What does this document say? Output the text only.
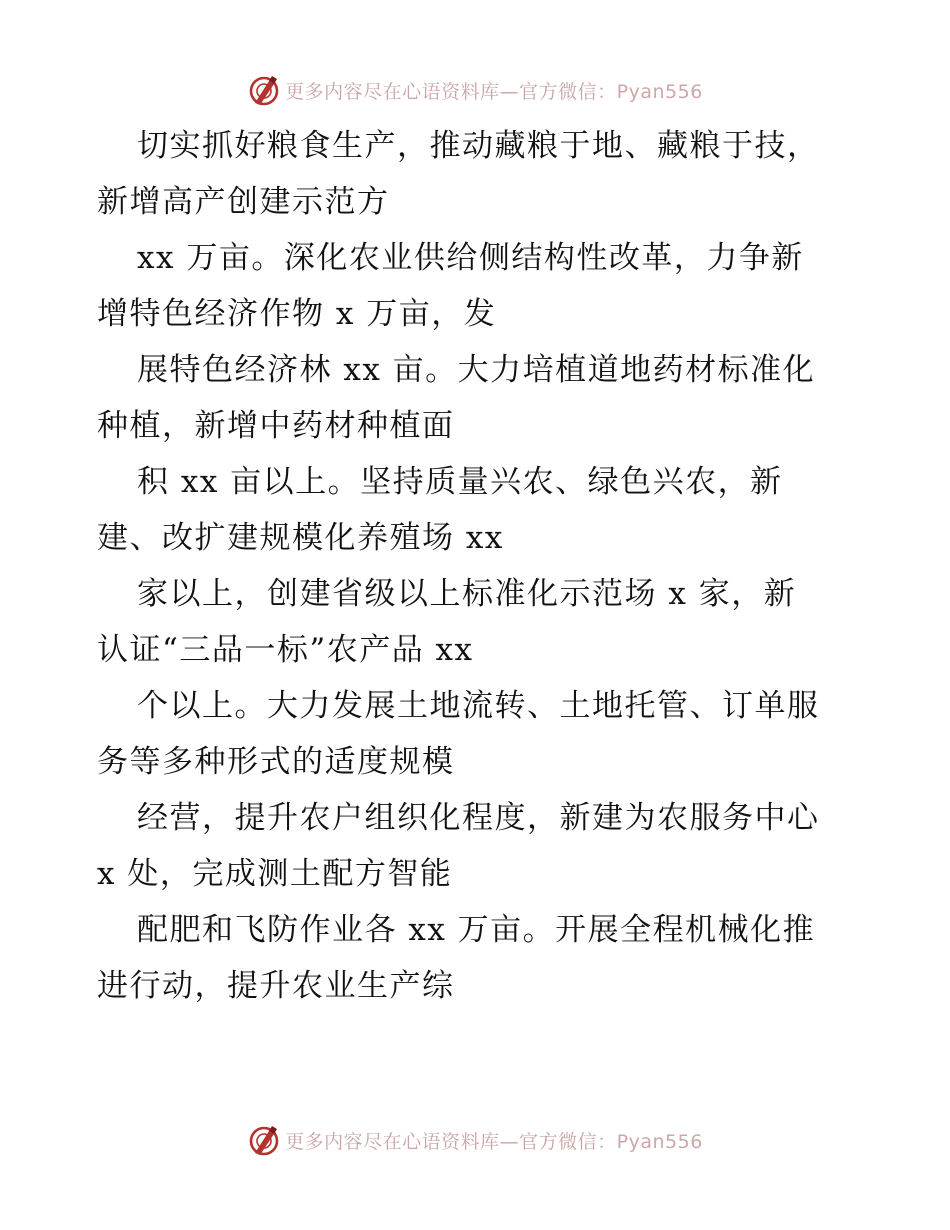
更多内容尽在心语资料库—官方微信：Pyan556
切实抓好粮食生产，推动藏粮于地、藏粮于技，
新增高产创建示范方
xx 万亩。深化农业供给侧结构性改革，力争新
增特色经济作物 x 万亩，发
展特色经济林 xx 亩。大力培植道地药材标准化
种植，新增中药材种植面
积 xx 亩以上。坚持质量兴农、绿色兴农，新
建、改扩建规模化养殖场 xx
家以上，创建省级以上标准化示范场 x 家，新
认证“三品一标”农产品 xx
个以上。大力发展土地流转、土地托管、订单服
务等多种形式的适度规模
经营，提升农户组织化程度，新建为农服务中心
x 处，完成测土配方智能
配肥和飞防作业各 xx 万亩。开展全程机械化推
进行动，提升农业生产综
更多内容尽在心语资料库—官方微信：Pyan556
